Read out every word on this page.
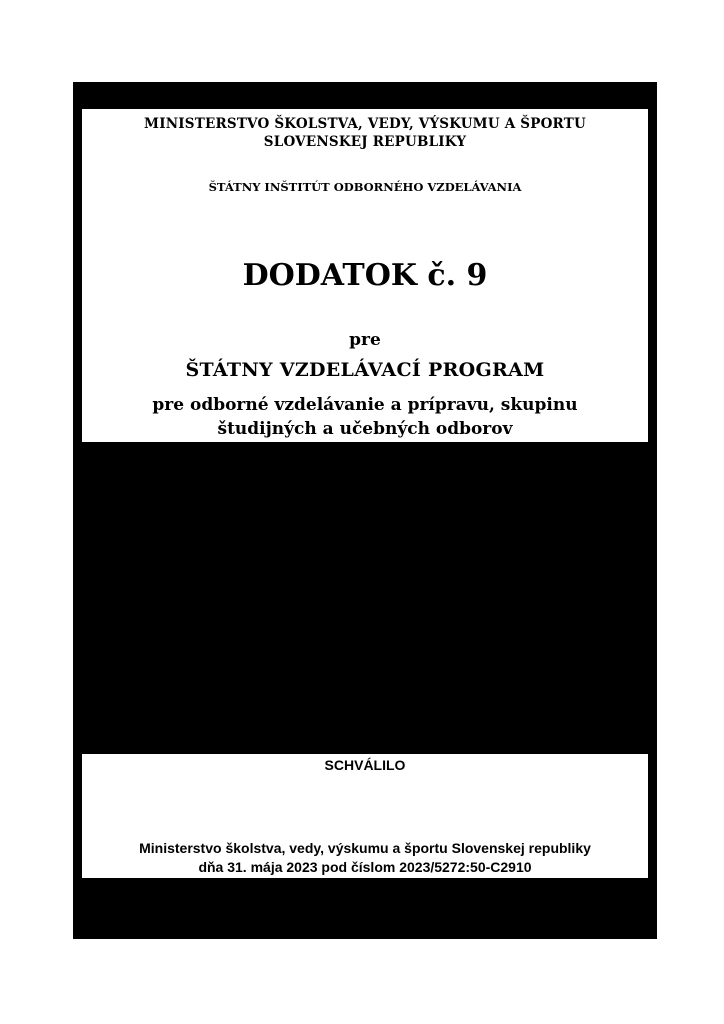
MINISTERSTVO ŠKOLSTVA, VEDY, VÝSKUMU A ŠPORTU
SLOVENSKEJ REPUBLIKY
ŠTÁTNY INŠTITÚT ODBORNÉHO VZDELÁVANIA
DODATOK č. 9
pre
ŠTÁTNY VZDELÁVACÍ PROGRAM
pre odborné vzdelávanie a prípravu, skupinu
študijných a učebných odborov
SCHVÁLILO
Ministerstvo školstva, vedy, výskumu a športu Slovenskej republiky
dňa 31. mája 2023 pod číslom 2023/5272:50-C2910
